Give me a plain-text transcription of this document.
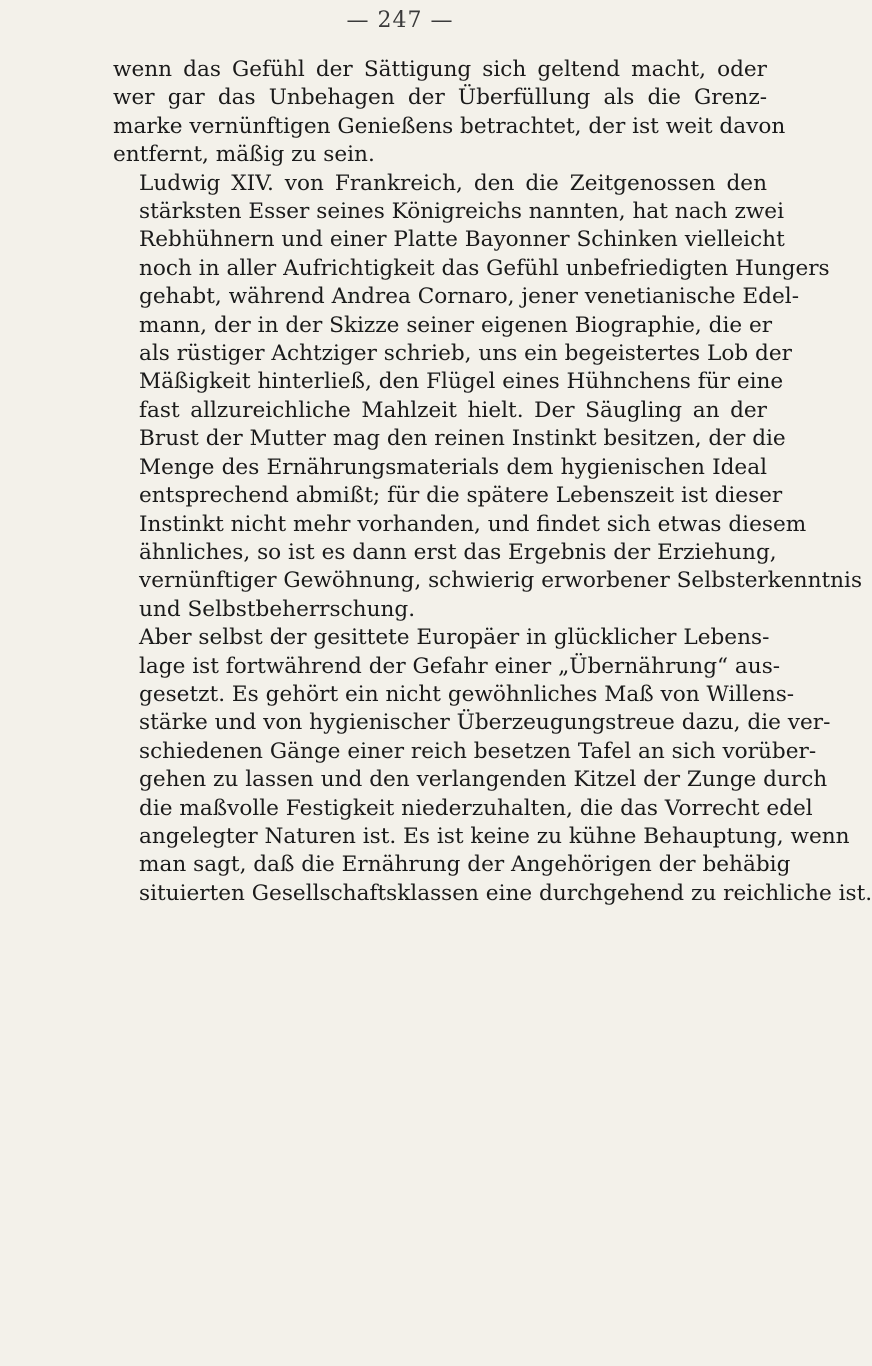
— 247 —
wenn das Gefühl der Sättigung sich geltend macht, oder
wer gar das Unbehagen der Überfüllung als die Grenz-
marke vernünftigen Genießens betrachtet, der ist weit davon
entfernt, mäßig zu sein.
Ludwig XIV. von Frankreich, den die Zeitgenossen den
stärksten Esser seines Königreichs nannten, hat nach zwei
Rebhühnern und einer Platte Bayonner Schinken vielleicht
noch in aller Aufrichtigkeit das Gefühl unbefriedigten Hungers
gehabt, während Andrea Cornaro, jener venetianische Edel-
mann, der in der Skizze seiner eigenen Biographie, die er
als rüstiger Achtziger schrieb, uns ein begeistertes Lob der
Mäßigkeit hinterließ, den Flügel eines Hühnchens für eine
fast allzureichliche Mahlzeit hielt. Der Säugling an der
Brust der Mutter mag den reinen Instinkt besitzen, der die
Menge des Ernährungsmaterials dem hygienischen Ideal
entsprechend abmißt; für die spätere Lebenszeit ist dieser
Instinkt nicht mehr vorhanden, und findet sich etwas diesem
ähnliches, so ist es dann erst das Ergebnis der Erziehung,
vernünftiger Gewöhnung, schwierig erworbener Selbsterkenntnis
und Selbstbeherrschung.
Aber selbst der gesittete Europäer in glücklicher Lebens-
lage ist fortwährend der Gefahr einer „Übernährung“ aus-
gesetzt. Es gehört ein nicht gewöhnliches Maß von Willens-
stärke und von hygienischer Überzeugungstreue dazu, die ver-
schiedenen Gänge einer reich besetzen Tafel an sich vorüber-
gehen zu lassen und den verlangenden Kitzel der Zunge durch
die maßvolle Festigkeit niederzuhalten, die das Vorrecht edel
angelegter Naturen ist. Es ist keine zu kühne Behauptung, wenn
man sagt, daß die Ernährung der Angehörigen der behäbig
situierten Gesellschaftsklassen eine durchgehend zu reichliche ist.
